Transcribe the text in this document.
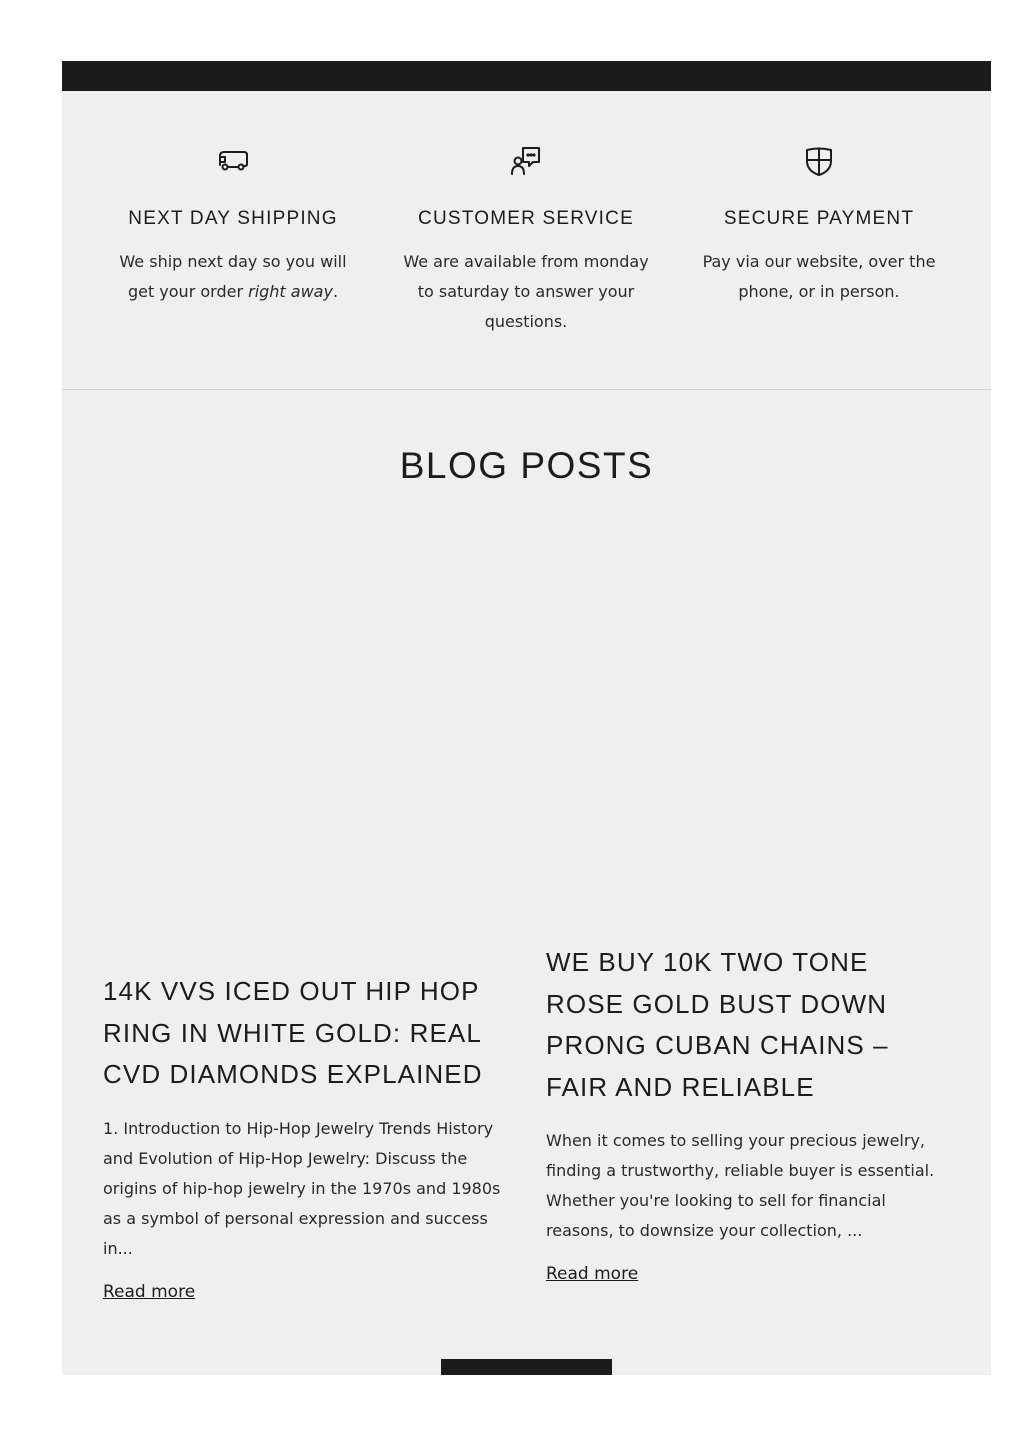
NEXT DAY SHIPPING

We ship next day so you will get your order right away.

CUSTOMER SERVICE

We are available from monday to saturday to answer your questions.

SECURE PAYMENT

Pay via our website, over the phone, or in person.

BLOG POSTS
14K VVS ICED OUT HIP HOP RING IN WHITE GOLD: REAL CVD DIAMONDS EXPLAINED

1. Introduction to Hip-Hop Jewelry Trends History and Evolution of Hip-Hop Jewelry: Discuss the origins of hip-hop jewelry in the 1970s and 1980s as a symbol of personal expression and success in...

Read more
WE BUY 10K TWO TONE ROSE GOLD BUST DOWN PRONG CUBAN CHAINS – FAIR AND RELIABLE

When it comes to selling your precious jewelry, finding a trustworthy, reliable buyer is essential. Whether you're looking to sell for financial reasons, to downsize your collection, ...

Read more
